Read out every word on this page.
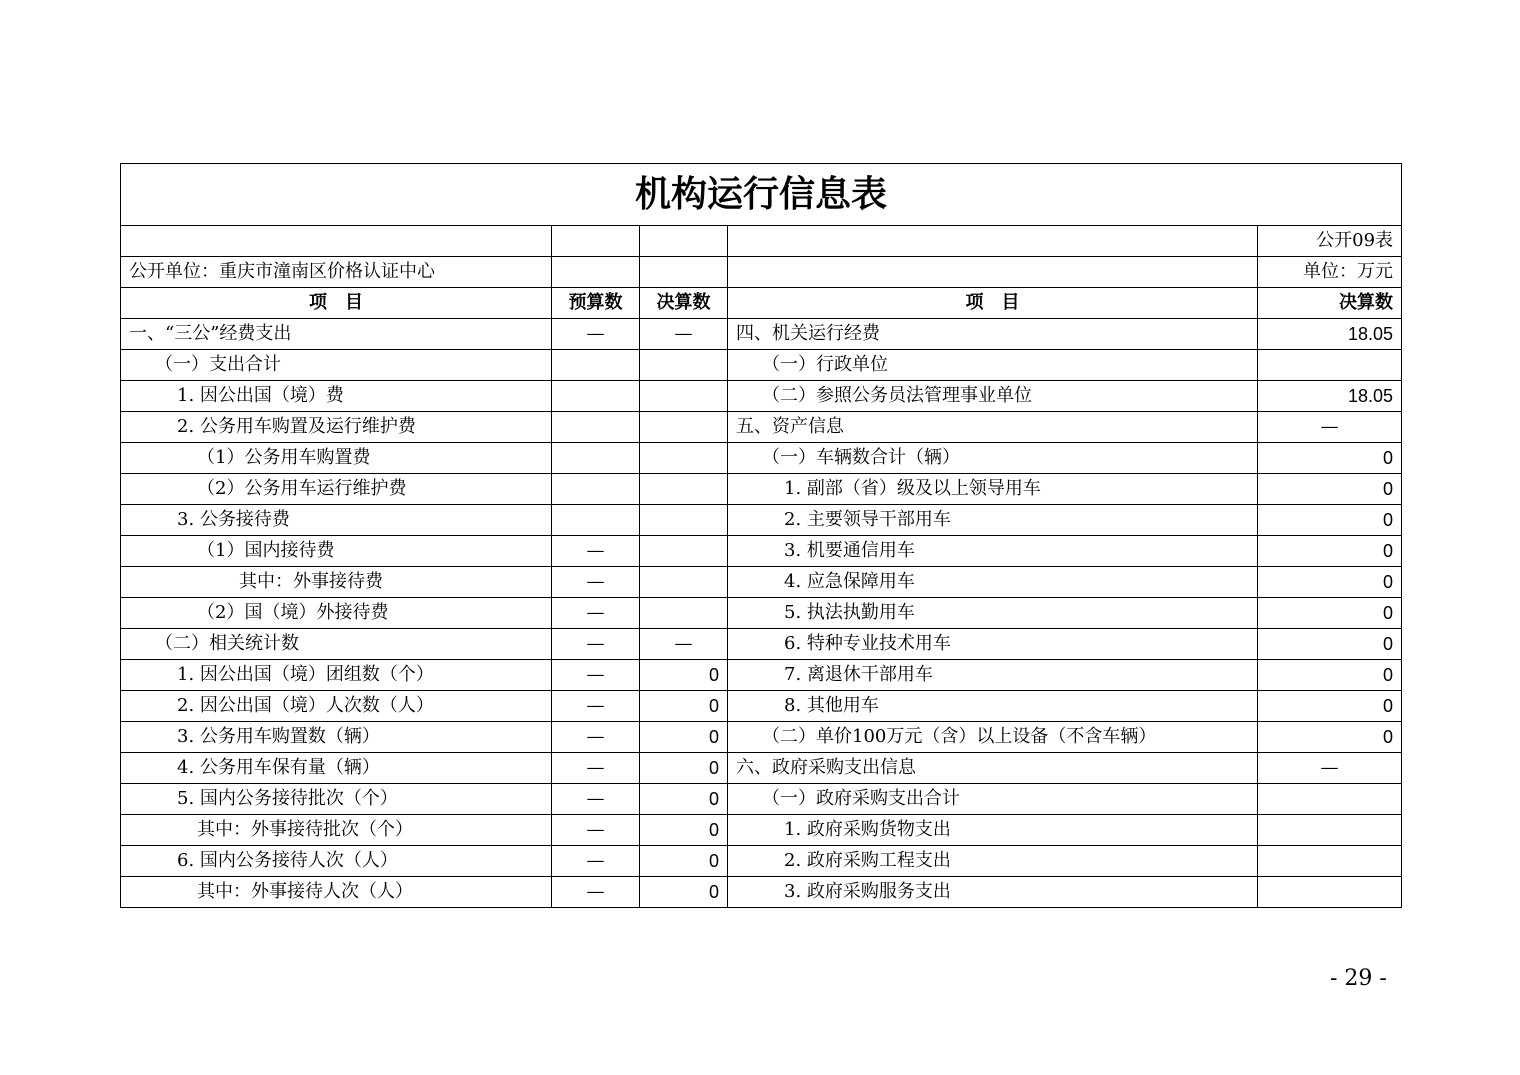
机构运行信息表				
				公开09表
公开单位：重庆市潼南区价格认证中心				单位：万元
项　目	预算数	决算数	项　目	决算数
一、“三公”经费支出	—	—	四、机关运行经费	18.05
（一）支出合计			（一）行政单位	
1. 因公出国（境）费			（二）参照公务员法管理事业单位	18.05
2. 公务用车购置及运行维护费			五、资产信息	—
（1）公务用车购置费			（一）车辆数合计（辆）	0
（2）公务用车运行维护费			1. 副部（省）级及以上领导用车	0
3. 公务接待费			2. 主要领导干部用车	0
（1）国内接待费	—		3. 机要通信用车	0
其中：外事接待费	—		4. 应急保障用车	0
（2）国（境）外接待费	—		5. 执法执勤用车	0
（二）相关统计数	—	—	6. 特种专业技术用车	0
1. 因公出国（境）团组数（个）	—	0	7. 离退休干部用车	0
2. 因公出国（境）人次数（人）	—	0	8. 其他用车	0
3. 公务用车购置数（辆）	—	0	（二）单价100万元（含）以上设备（不含车辆）	0
4. 公务用车保有量（辆）	—	0	六、政府采购支出信息	—
5. 国内公务接待批次（个）	—	0	（一）政府采购支出合计	
其中：外事接待批次（个）	—	0	1. 政府采购货物支出	
6. 国内公务接待人次（人）	—	0	2. 政府采购工程支出	
其中：外事接待人次（人）	—	0	3. 政府采购服务支出	
- 29 -
